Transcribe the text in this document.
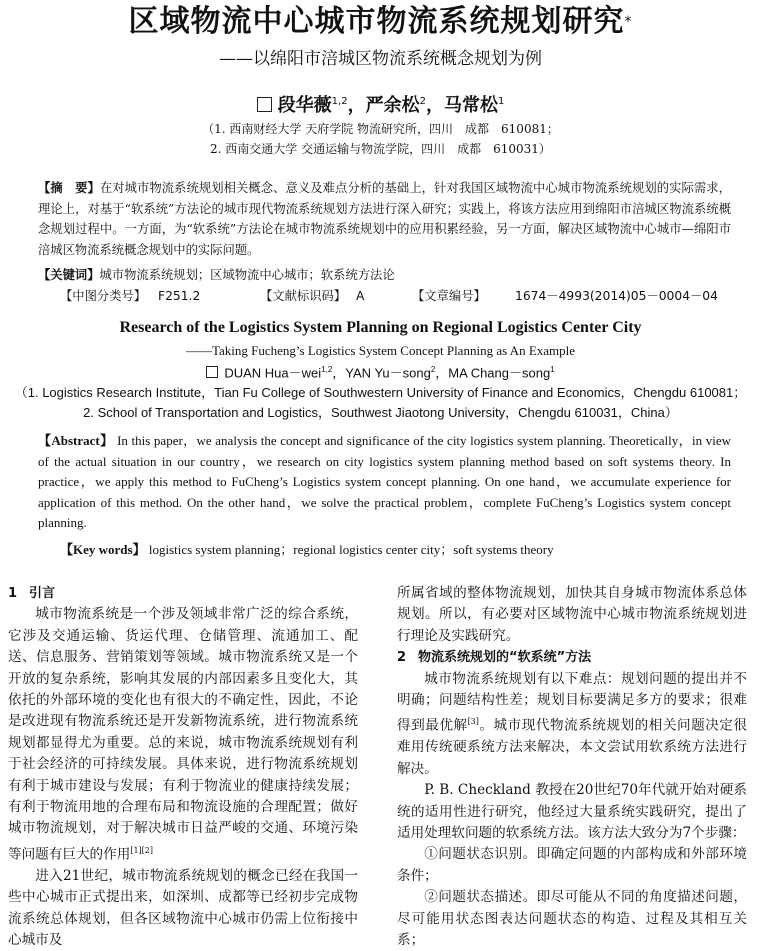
区域物流中心城市物流系统规划研究*
——以绵阳市涪城区物流系统概念规划为例
段华薇$^{1,2}$，严余松$^2$，马常松$^1$
（1. 西南财经大学 天府学院 物流研究所，四川　成都　610081；
2. 西南交通大学 交通运输与物流学院，四川　成都　610031）
【摘　要】在对城市物流系统规划相关概念、意义及难点分析的基础上，针对我国区域物流中心城市物流系统规划的实际需求，理论上，对基于“软系统”方法论的城市现代物流系统规划方法进行深入研究；实践上，将该方法应用到绵阳市涪城区物流系统概念规划过程中。一方面，为“软系统”方法论在城市物流系统规划中的应用积累经验，另一方面，解决区域物流中心城市—绵阳市涪城区物流系统概念规划中的实际问题。
【关键词】城市物流系统规划；区域物流中心城市；软系统方法论
【中图分类号】 F251.2	【文献标识码】 A	【文章编号】 1674－4993(2014)05－0004－04
Research of the Logistics System Planning on Regional Logistics Center City
——Taking Fucheng’s Logistics System Concept Planning as An Example
DUAN Hua－wei$^{1,2}$，YAN Yu－song$^2$，MA Chang－song$^1$
（1. Logistics Research Institute，Tian Fu College of Southwestern University of Finance and Economics，Chengdu 610081；
2. School of Transportation and Logistics，Southwest Jiaotong University，Chengdu 610031，China）
【Abstract】 In this paper，we analysis the concept and significance of the city logistics system planning. Theoretically，in view of the actual situation in our country，we research on city logistics system planning method based on soft systems theory. In practice，we apply this method to FuCheng’s Logistics system concept planning. On one hand，we accumulate experience for application of this method. On the other hand，we solve the practical problem，complete FuCheng’s Logistics system concept planning.
【Key words】 logistics system planning；regional logistics center city；soft systems theory
1 引言

城市物流系统是一个涉及领域非常广泛的综合系统，它涉及交通运输、货运代理、仓储管理、流通加工、配送、信息服务、营销策划等领域。城市物流系统又是一个开放的复杂系统，影响其发展的内部因素多且变化大，其依托的外部环境的变化也有很大的不确定性，因此，不论是改进现有物流系统还是开发新物流系统，进行物流系统规划都显得尤为重要。总的来说，城市物流系统规划有利于社会经济的可持续发展。具体来说，进行物流系统规划有利于城市建设与发展；有利于物流业的健康持续发展；有利于物流用地的合理布局和物流设施的合理配置；做好城市物流规划，对于解决城市日益严峻的交通、环境污染等问题有巨大的作用[1][2]

进入21世纪，城市物流系统规划的概念已经在我国一些中心城市正式提出来，如深圳、成都等已经初步完成物流系统总体规划，但各区域物流中心城市仍需上位衔接中心城市及

所属省域的整体物流规划，加快其自身城市物流体系总体规划。所以，有必要对区域物流中心城市物流系统规划进行理论及实践研究。

2 物流系统规划的“软系统”方法

城市物流系统规划有以下难点：规划问题的提出并不明确；问题结构性差；规划目标要满足多方的要求；很难得到最优解[3]。城市现代物流系统规划的相关问题决定很难用传统硬系统方法来解决，本文尝试用软系统方法进行解决。

P. B. Checkland 教授在20世纪70年代就开始对硬系统的适用性进行研究，他经过大量系统实践研究，提出了适用处理软问题的软系统方法。该方法大致分为7个步骤：

①问题状态识别。即确定问题的内部构成和外部环境条件；

②问题状态描述。即尽可能从不同的角度描述问题，尽可能用状态图表达问题状态的构造、过程及其相互关系；
